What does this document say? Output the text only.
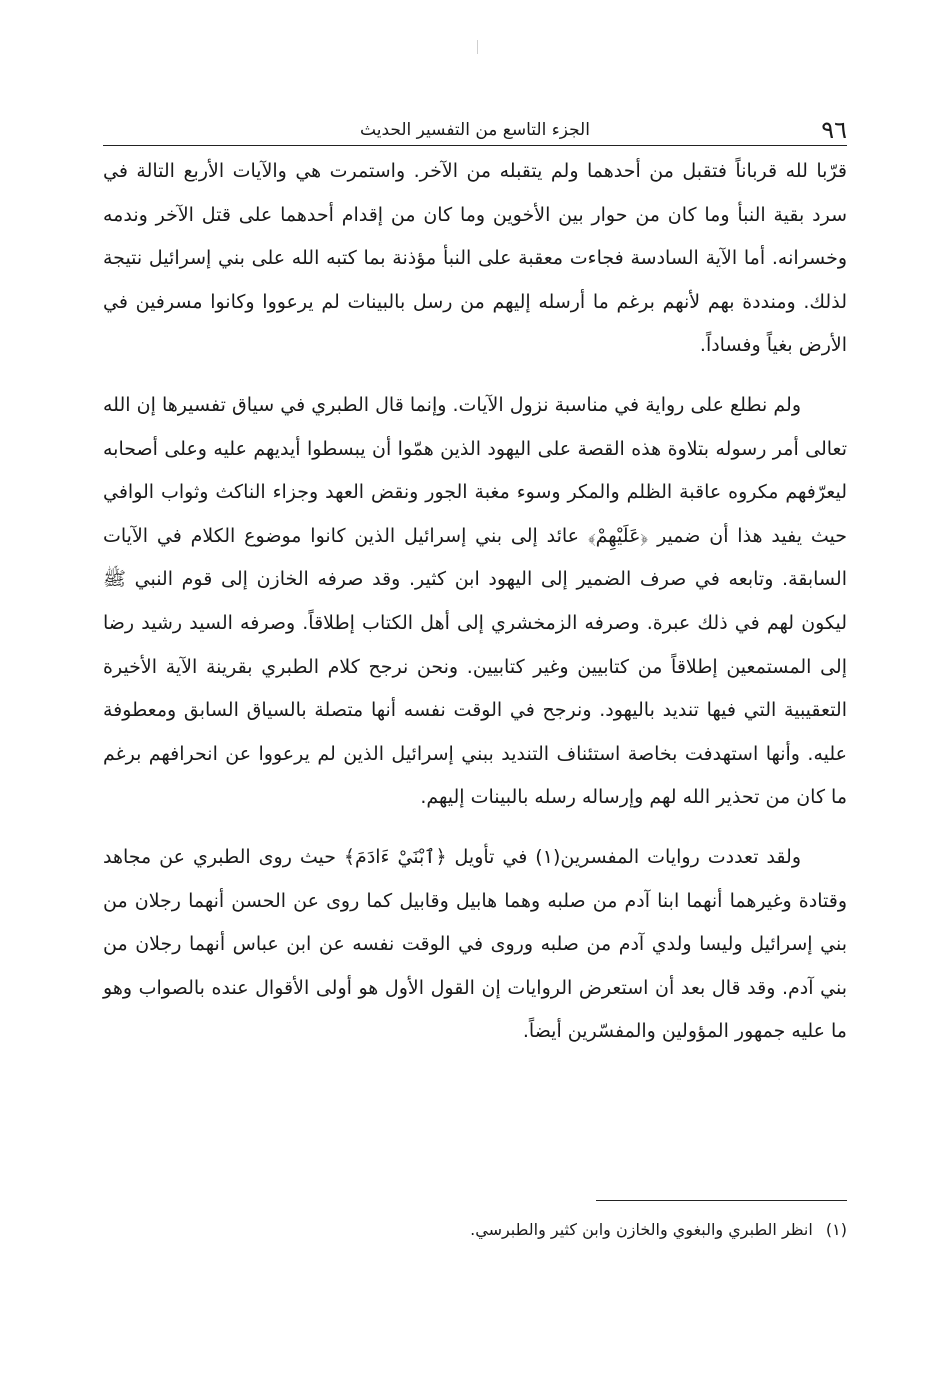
٩٦
الجزء التاسع من التفسير الحديث

قرّبا لله قرباناً فتقبل من أحدهما ولم يتقبله من الآخر. واستمرت هي والآيات الأربع التالة في سرد بقية النبأ وما كان من حوار بين الأخوين وما كان من إقدام أحدهما على قتل الآخر وندمه وخسرانه. أما الآية السادسة فجاءت معقبة على النبأ مؤذنة بما كتبه الله على بني إسرائيل نتيجة لذلك. ومنددة بهم لأنهم برغم ما أرسله إليهم من رسل بالبينات لم يرعووا وكانوا مسرفين في الأرض بغياً وفساداً.

ولم نطلع على رواية في مناسبة نزول الآيات. وإنما قال الطبري في سياق تفسيرها إن الله تعالى أمر رسوله بتلاوة هذه القصة على اليهود الذين همّوا أن يبسطوا أيديهم عليه وعلى أصحابه ليعرّفهم مكروه عاقبة الظلم والمكر وسوء مغبة الجور ونقض العهد وجزاء الناكث وثواب الوافي حيث يفيد هذا أن ضمير ﴿عَلَيْهِمْ﴾ عائد إلى بني إسرائيل الذين كانوا موضوع الكلام في الآيات السابقة. وتابعه في صرف الضمير إلى اليهود ابن كثير. وقد صرفه الخازن إلى قوم النبي ﷺ ليكون لهم في ذلك عبرة. وصرفه الزمخشري إلى أهل الكتاب إطلاقاً. وصرفه السيد رشيد رضا إلى المستمعين إطلاقاً من كتابيين وغير كتابيين. ونحن نرجح كلام الطبري بقرينة الآية الأخيرة التعقيبية التي فيها تنديد باليهود. ونرجح في الوقت نفسه أنها متصلة بالسياق السابق ومعطوفة عليه. وأنها استهدفت بخاصة استئناف التنديد ببني إسرائيل الذين لم يرعووا عن انحرافهم برغم ما كان من تحذير الله لهم وإرساله رسله بالبينات إليهم.

ولقد تعددت روايات المفسرين(١) في تأويل ﴿ٱبْنَيْ ءَادَمَ﴾ حيث روى الطبري عن مجاهد وقتادة وغيرهما أنهما ابنا آدم من صلبه وهما هابيل وقابيل كما روى عن الحسن أنهما رجلان من بني إسرائيل وليسا ولدي آدم من صلبه وروى في الوقت نفسه عن ابن عباس أنهما رجلان من بني آدم. وقد قال بعد أن استعرض الروايات إن القول الأول هو أولى الأقوال عنده بالصواب وهو ما عليه جمهور المؤولين والمفسّرين أيضاً.

(١) انظر الطبري والبغوي والخازن وابن كثير والطبرسي.
